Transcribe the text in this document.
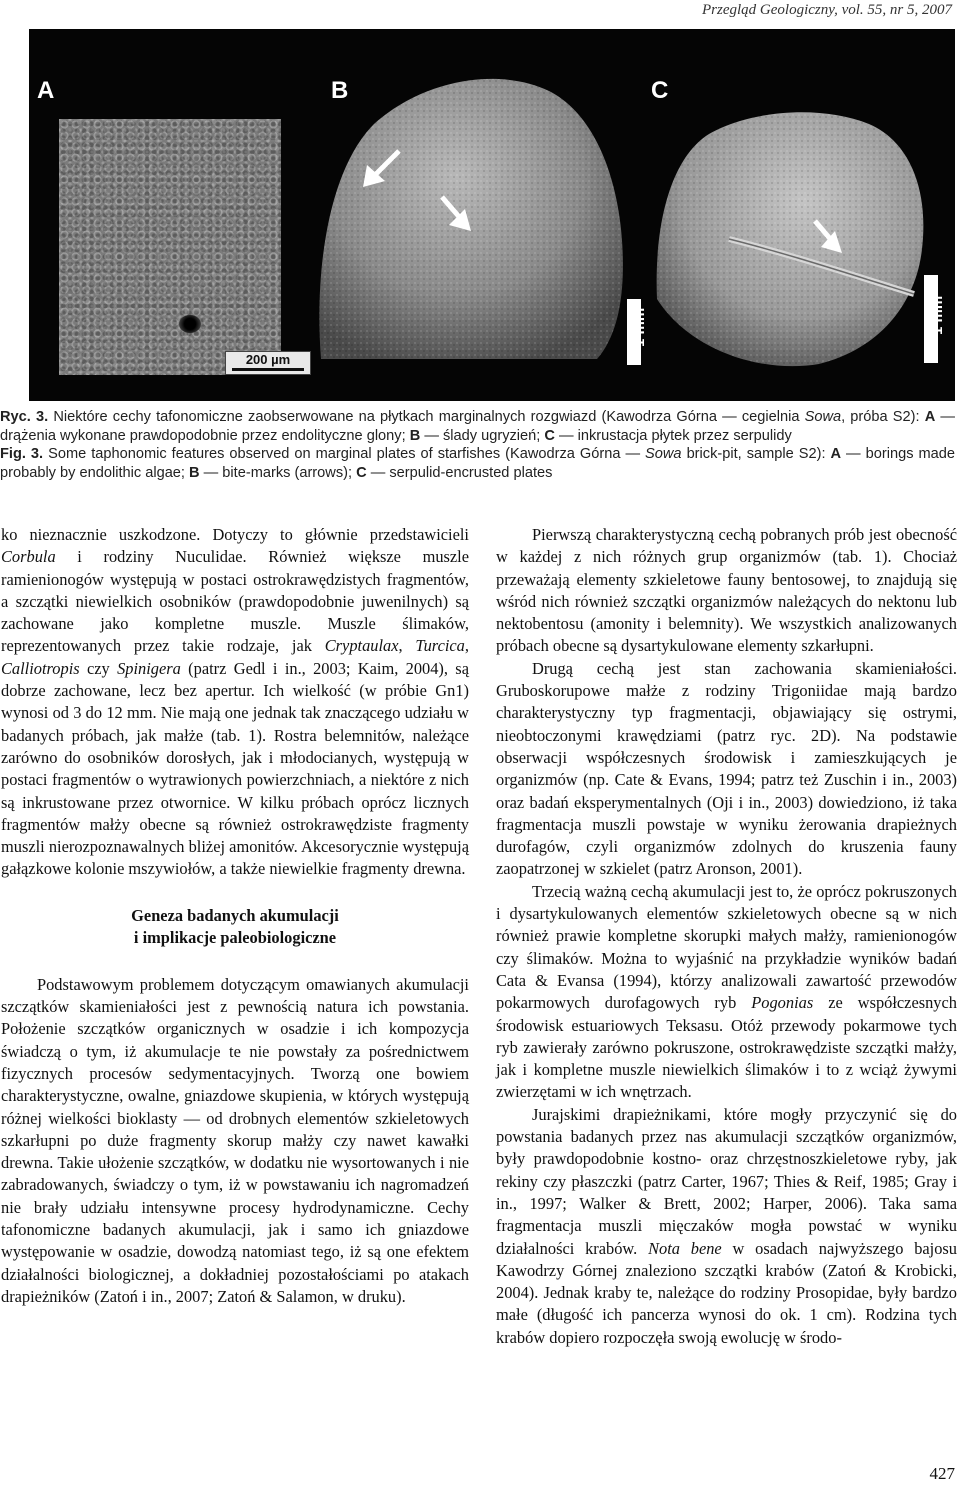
Przegląd Geologiczny, vol. 55, nr 5, 2007
A	B	C
200 µm
1 mm	1 mm

Ryc. 3. Niektóre cechy tafonomiczne zaobserwowane na płytkach marginalnych rozgwiazd (Kawodrza Górna — cegielnia Sowa, próba S2): A — drążenia wykonane prawdopodobnie przez endolityczne glony; B — ślady ugryzień; C — inkrustacja płytek przez serpulidy

Fig. 3. Some taphonomic features observed on marginal plates of starfishes (Kawodrza Górna — Sowa brick-pit, sample S2): A — borings made probably by endolithic algae; B — bite-marks (arrows); C — serpulid-encrusted plates

ko nieznacznie uszkodzone. Dotyczy to głównie przedstawicieli Corbula i rodziny Nuculidae. Również większe muszle ramienionogów występują w postaci ostrokrawędzistych fragmentów, a szczątki niewielkich osobników (prawdopodobnie juwenilnych) są zachowane jako kompletne muszle. Muszle ślimaków, reprezentowanych przez takie rodzaje, jak Cryptaulax, Turcica, Calliotropis czy Spinigera (patrz Gedl i in., 2003; Kaim, 2004), są dobrze zachowane, lecz bez apertur. Ich wielkość (w próbie Gn1) wynosi od 3 do 12 mm. Nie mają one jednak tak znaczącego udziału w badanych próbach, jak małże (tab. 1). Rostra belemnitów, należące zarówno do osobników dorosłych, jak i młodocianych, występują w postaci fragmentów o wytrawionych powierzchniach, a niektóre z nich są inkrustowane przez otwornice. W kilku próbach oprócz licznych fragmentów małży obecne są również ostrokrawędziste fragmenty muszli nierozpoznawalnych bliżej amonitów. Akcesorycznie występują gałązkowe kolonie mszywiołów, a także niewielkie fragmenty drewna.

Geneza badanych akumulacji
i implikacje paleobiologiczne

Podstawowym problemem dotyczącym omawianych akumulacji szczątków skamieniałości jest z pewnością natura ich powstania. Położenie szczątków organicznych w osadzie i ich kompozycja świadczą o tym, iż akumulacje te nie powstały za pośrednictwem fizycznych procesów sedymentacyjnych. Tworzą one bowiem charakterystyczne, owalne, gniazdowe skupienia, w których występują różnej wielkości bioklasty — od drobnych elementów szkieletowych szkarłupni po duże fragmenty skorup małży czy nawet kawałki drewna. Takie ułożenie szczątków, w dodatku nie wysortowanych i nie zabradowanych, świadczy o tym, iż w powstawaniu ich nagromadzeń nie brały udziału intensywne procesy hydrodynamiczne. Cechy tafonomiczne badanych akumulacji, jak i samo ich gniazdowe występowanie w osadzie, dowodzą natomiast tego, iż są one efektem działalności biologicznej, a dokładniej pozostałościami po atakach drapieżników (Zatoń i in., 2007; Zatoń & Salamon, w druku).

Pierwszą charakterystyczną cechą pobranych prób jest obecność w każdej z nich różnych grup organizmów (tab. 1). Chociaż przeważają elementy szkieletowe fauny bentosowej, to znajdują się wśród nich również szczątki organizmów należących do nektonu lub nektobentosu (amonity i belemnity). We wszystkich analizowanych próbach obecne są dysartykulowane elementy szkarłupni.

Drugą cechą jest stan zachowania skamieniałości. Gruboskorupowe małże z rodziny Trigoniidae mają bardzo charakterystyczny typ fragmentacji, objawiający się ostrymi, nieobtoczonymi krawędziami (patrz ryc. 2D). Na podstawie obserwacji współczesnych środowisk i zamieszkujących je organizmów (np. Cate & Evans, 1994; patrz też Zuschin i in., 2003) oraz badań eksperymentalnych (Oji i in., 2003) dowiedziono, iż taka fragmentacja muszli powstaje w wyniku żerowania drapieżnych durofagów, czyli organizmów zdolnych do kruszenia fauny zaopatrzonej w szkielet (patrz Aronson, 2001).

Trzecią ważną cechą akumulacji jest to, że oprócz pokruszonych i dysartykulowanych elementów szkieletowych obecne są w nich również prawie kompletne skorupki małych małży, ramienionogów czy ślimaków. Można to wyjaśnić na przykładzie wyników badań Cata & Evansa (1994), którzy analizowali zawartość przewodów pokarmowych durofagowych ryb Pogonias ze współczesnych środowisk estuariowych Teksasu. Otóż przewody pokarmowe tych ryb zawierały zarówno pokruszone, ostrokrawędziste szczątki małży, jak i kompletne muszle niewielkich ślimaków i to z wciąż żywymi zwierzętami w ich wnętrzach.

Jurajskimi drapieżnikami, które mogły przyczynić się do powstania badanych przez nas akumulacji szczątków organizmów, były prawdopodobnie kostno- oraz chrzęstnoszkieletowe ryby, jak rekiny czy płaszczki (patrz Carter, 1967; Thies & Reif, 1985; Gray i in., 1997; Walker & Brett, 2002; Harper, 2006). Taka sama fragmentacja muszli mięczaków mogła powstać w wyniku działalności krabów. Nota bene w osadach najwyższego bajosu Kawodrzy Górnej znaleziono szczątki krabów (Zatoń & Krobicki, 2004). Jednak kraby te, należące do rodziny Prosopidae, były bardzo małe (długość ich pancerza wynosi do ok. 1 cm). Rodzina tych krabów dopiero rozpoczęła swoją ewolucję w środo-

427
